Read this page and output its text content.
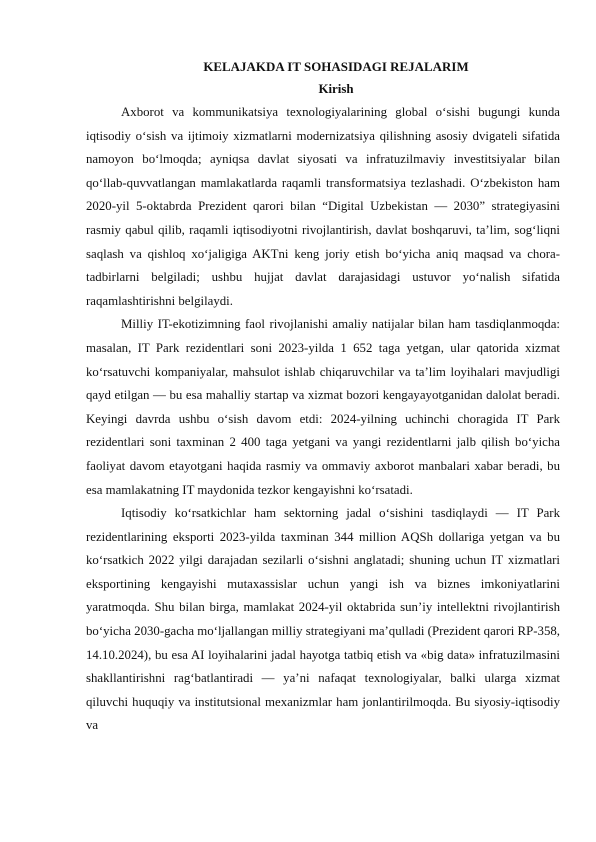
KELAJAKDA IT SOHASIDAGI REJALARIM
Kirish

Axborot va kommunikatsiya texnologiyalarining global o‘sishi bugungi kunda iqtisodiy o‘sish va ijtimoiy xizmatlarni modernizatsiya qilishning asosiy dvigateli sifatida namoyon bo‘lmoqda; ayniqsa davlat siyosati va infratuzilmaviy investitsiyalar bilan qo‘llab-quvvatlangan mamlakatlarda raqamli transformatsiya tezlashadi. O‘zbekiston ham 2020-yil 5-oktabrda Prezident qarori bilan “Digital Uzbekistan — 2030” strategiyasini rasmiy qabul qilib, raqamli iqtisodiyotni rivojlantirish, davlat boshqaruvi, ta’lim, sog‘liqni saqlash va qishloq xo‘jaligiga AKTni keng joriy etish bo‘yicha aniq maqsad va chora-tadbirlarni belgiladi; ushbu hujjat davlat darajasidagi ustuvor yo‘nalish sifatida raqamlashtirishni belgilaydi.

Milliy IT-ekotizimning faol rivojlanishi amaliy natijalar bilan ham tasdiqlanmoqda: masalan, IT Park rezidentlari soni 2023-yilda 1 652 taga yetgan, ular qatorida xizmat ko‘rsatuvchi kompaniyalar, mahsulot ishlab chiqaruvchilar va ta’lim loyihalari mavjudligi qayd etilgan — bu esa mahalliy startap va xizmat bozori kengayayotganidan dalolat beradi. Keyingi davrda ushbu o‘sish davom etdi: 2024-yilning uchinchi choragida IT Park rezidentlari soni taxminan 2 400 taga yetgani va yangi rezidentlarni jalb qilish bo‘yicha faoliyat davom etayotgani haqida rasmiy va ommaviy axborot manbalari xabar beradi, bu esa mamlakatning IT maydonida tezkor kengayishni ko‘rsatadi.

Iqtisodiy ko‘rsatkichlar ham sektorning jadal o‘sishini tasdiqlaydi — IT Park rezidentlarining eksporti 2023-yilda taxminan 344 million AQSh dollariga yetgan va bu ko‘rsatkich 2022 yilgi darajadan sezilarli o‘sishni anglatadi; shuning uchun IT xizmatlari eksportining kengayishi mutaxassislar uchun yangi ish va biznes imkoniyatlarini yaratmoqda. Shu bilan birga, mamlakat 2024-yil oktabrida sun’iy intellektni rivojlantirish bo‘yicha 2030-gacha mo‘ljallangan milliy strategiyani ma’qulladi (Prezident qarori RP-358, 14.10.2024), bu esa AI loyihalarini jadal hayotga tatbiq etish va «big data» infratuzilmasini shakllantirishni rag‘batlantiradi — ya’ni nafaqat texnologiyalar, balki ularga xizmat qiluvchi huquqiy va institutsional mexanizmlar ham jonlantirilmoqda. Bu siyosiy-iqtisodiy va
